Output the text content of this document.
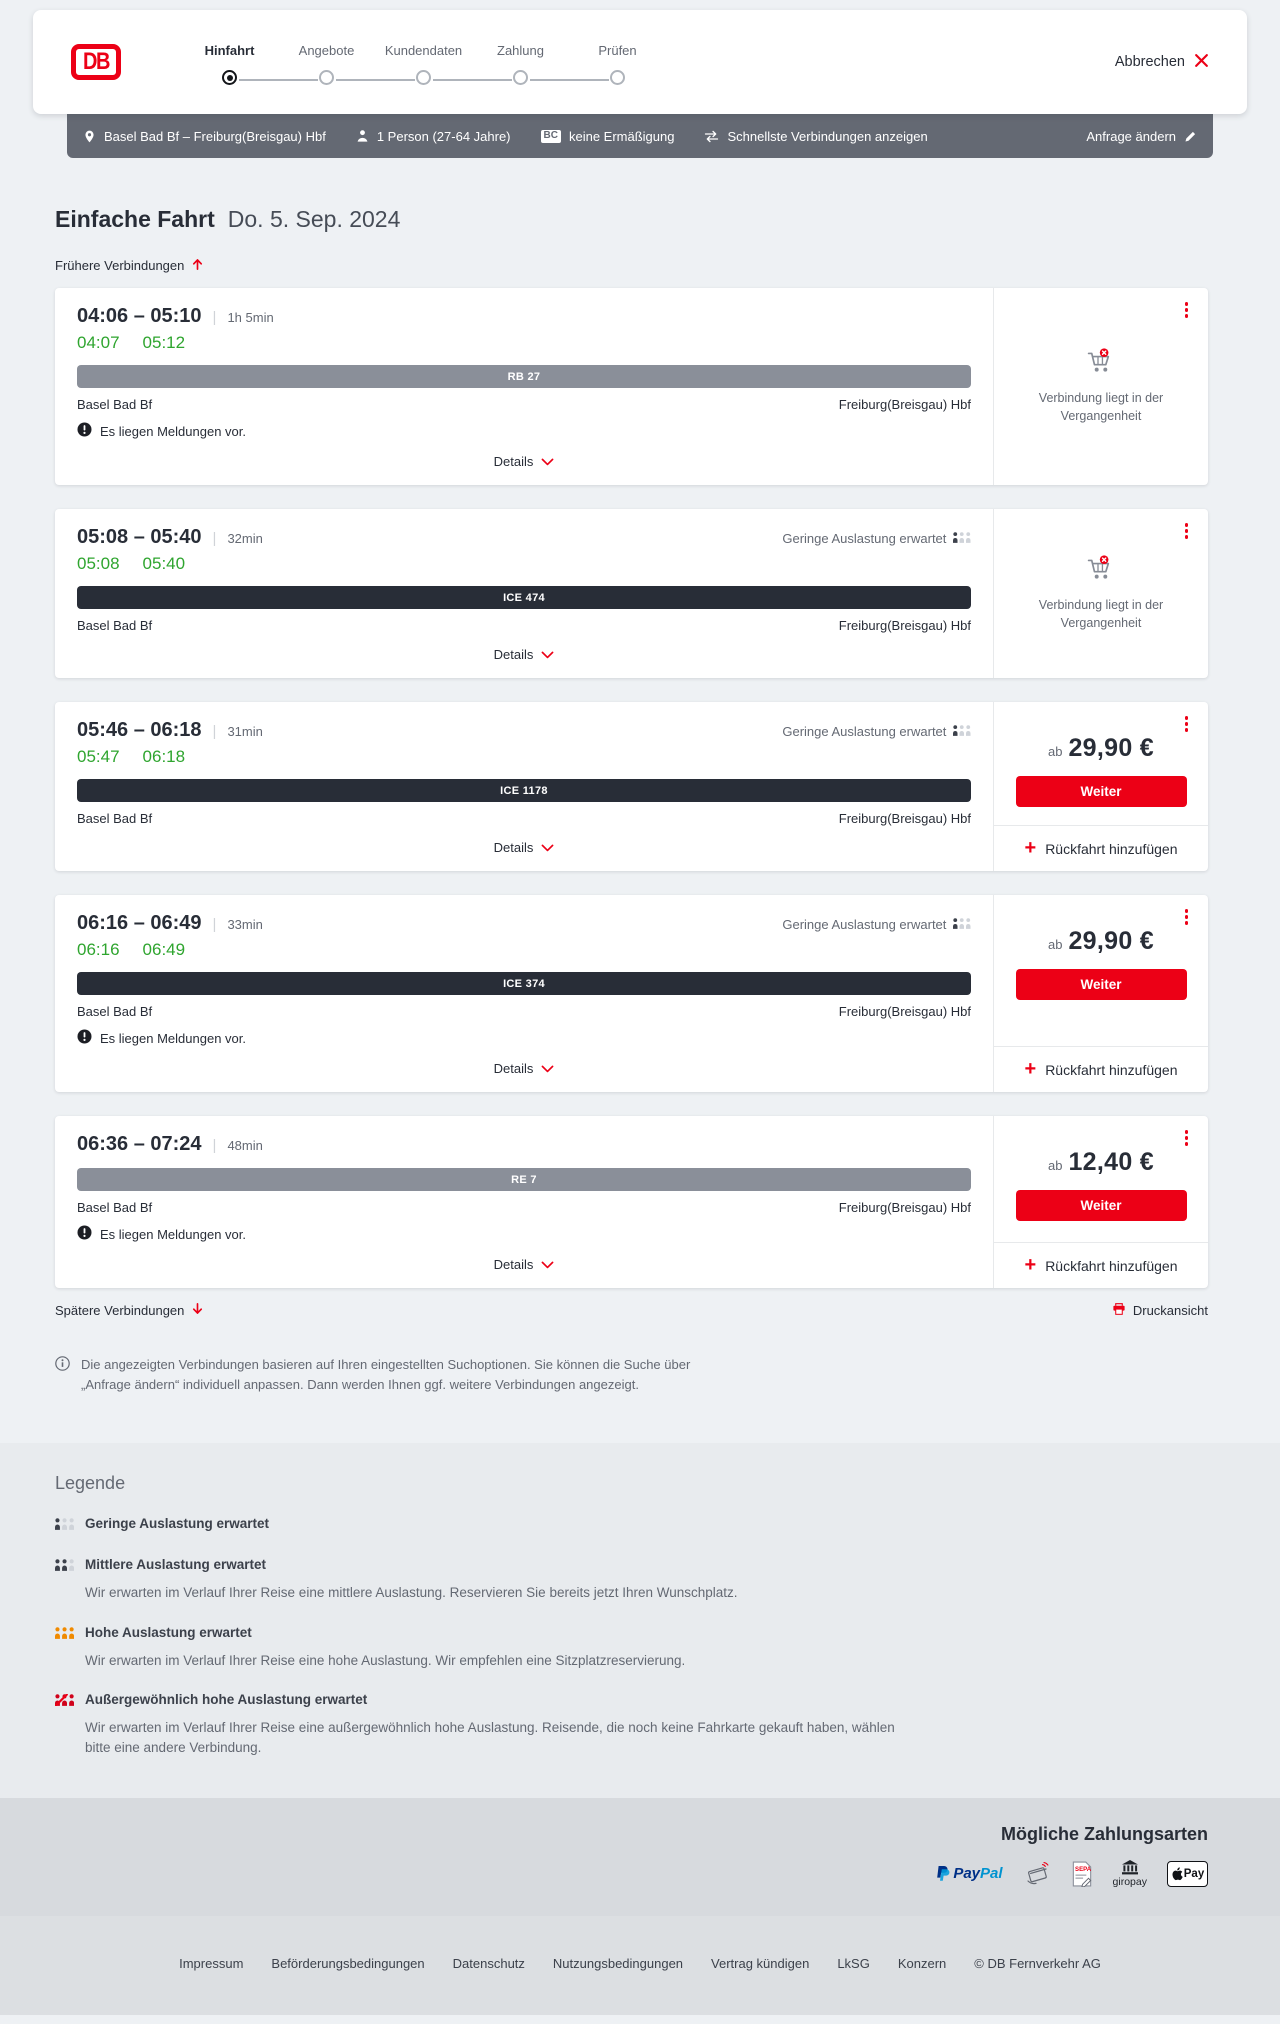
DB	Hinfahrt	Angebote Kundendaten	Zahlung	Prüfen
Abbrechen
Basel Bad Bf – Freiburg(Breisgau) Hbf	1 Person (27-64 Jahre)	BC keine Ermäßigung	Schnellste Verbindungen anzeigen	Anfrage ändern
Einfache Fahrt Do. 5. Sep. 2024
Frühere Verbindungen
04:06 – 05:10 | 1h 5min
04:07 05:12
RB 27
Basel Bad Bf	Freiburg(Breisgau) Hbf
Es liegen Meldungen vor.
Details
Verbindung liegt in der Vergangenheit
05:08 – 05:40 | 32min	Geringe Auslastung erwartet
05:08 05:40
ICE 474
Basel Bad Bf	Freiburg(Breisgau) Hbf
Details
Verbindung liegt in der Vergangenheit
05:46 – 06:18 | 31min	Geringe Auslastung erwartet
05:47 06:18
ICE 1178
Basel Bad Bf	Freiburg(Breisgau) Hbf
Details
ab 29,90 €
Weiter
+ Rückfahrt hinzufügen
06:16 – 06:49 | 33min	Geringe Auslastung erwartet
06:16 06:49
ICE 374
Basel Bad Bf	Freiburg(Breisgau) Hbf
Es liegen Meldungen vor.
Details
ab 29,90 €
Weiter
+ Rückfahrt hinzufügen
06:36 – 07:24 | 48min
RE 7
Basel Bad Bf	Freiburg(Breisgau) Hbf
Es liegen Meldungen vor.
Details
ab 12,40 €
Weiter
+ Rückfahrt hinzufügen
Spätere Verbindungen	Druckansicht
Die angezeigten Verbindungen basieren auf Ihren eingestellten Suchoptionen. Sie können die Suche über „Anfrage ändern“ individuell anpassen. Dann werden Ihnen ggf. weitere Verbindungen angezeigt.
Legende
Geringe Auslastung erwartet
Mittlere Auslastung erwartet
Wir erwarten im Verlauf Ihrer Reise eine mittlere Auslastung. Reservieren Sie bereits jetzt Ihren Wunschplatz.
Hohe Auslastung erwartet
Wir erwarten im Verlauf Ihrer Reise eine hohe Auslastung. Wir empfehlen eine Sitzplatzreservierung.
Außergewöhnlich hohe Auslastung erwartet
Wir erwarten im Verlauf Ihrer Reise eine außergewöhnlich hohe Auslastung. Reisende, die noch keine Fahrkarte gekauft haben, wählen bitte eine andere Verbindung.
Mögliche Zahlungsarten
PayPal	SEPA
giropay
Pay
Impressum Beförderungsbedingungen Datenschutz Nutzungsbedingungen Vertrag kündigen LkSG Konzern © DB Fernverkehr AG
